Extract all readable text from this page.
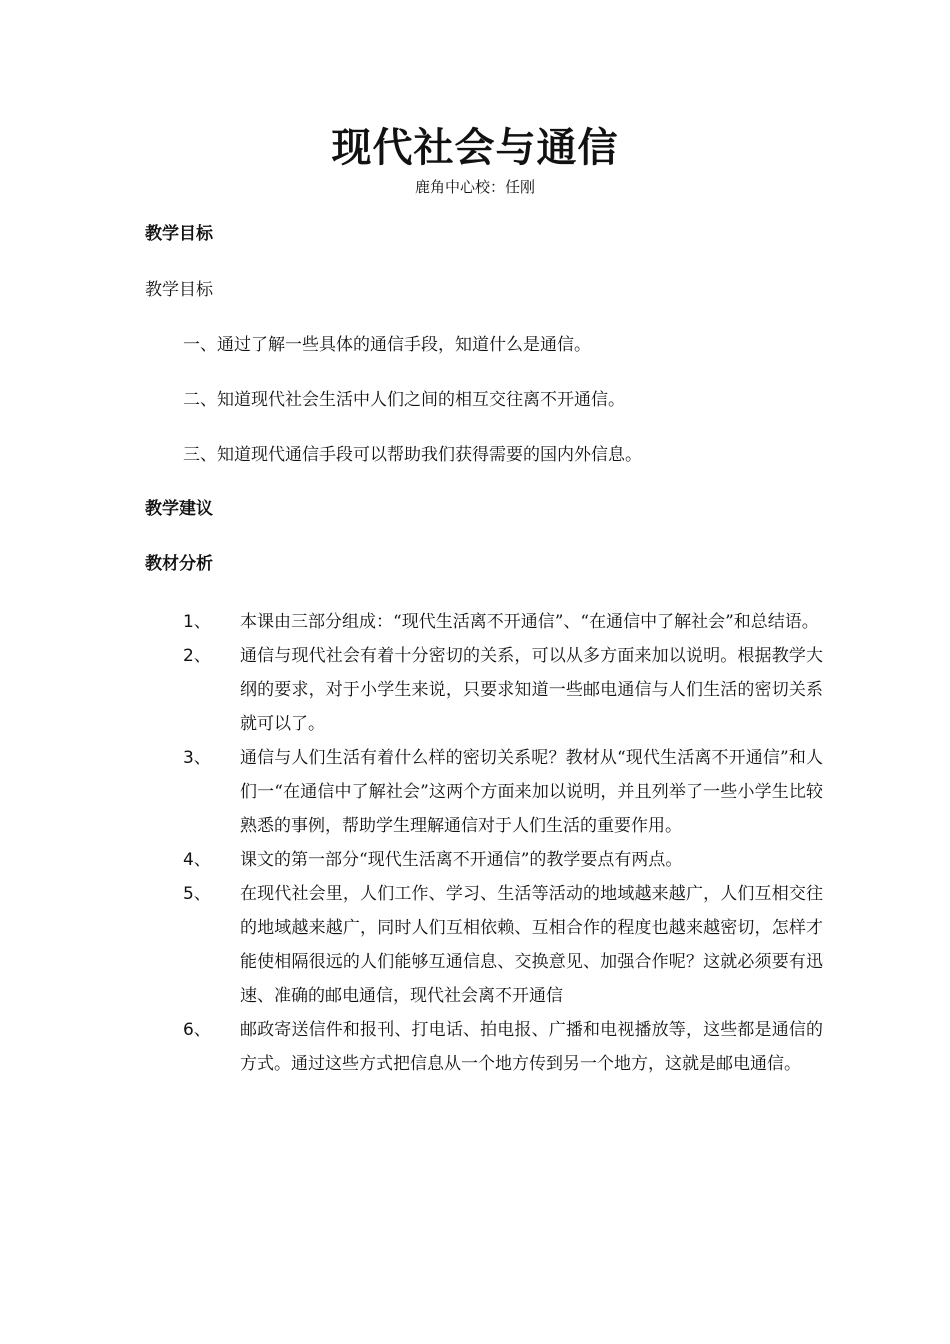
现代社会与通信
鹿角中心校：任刚
教学目标
教学目标
一、通过了解一些具体的通信手段，知道什么是通信。
二、知道现代社会生活中人们之间的相互交往离不开通信。
三、知道现代通信手段可以帮助我们获得需要的国内外信息。
教学建议
教材分析
1、	本课由三部分组成：“现代生活离不开通信”、“在通信中了解社会”和总结语。
2、	通信与现代社会有着十分密切的关系，可以从多方面来加以说明。根据教学大纲的要求，对于小学生来说，只要求知道一些邮电通信与人们生活的密切关系就可以了。
3、	通信与人们生活有着什么样的密切关系呢？教材从“现代生活离不开通信”和人们一“在通信中了解社会”这两个方面来加以说明，并且列举了一些小学生比较熟悉的事例，帮助学生理解通信对于人们生活的重要作用。
4、	课文的第一部分“现代生活离不开通信”的教学要点有两点。
5、	在现代社会里，人们工作、学习、生活等活动的地域越来越广，人们互相交往的地域越来越广，同时人们互相依赖、互相合作的程度也越来越密切，怎样才能使相隔很远的人们能够互通信息、交换意见、加强合作呢？这就必须要有迅速、准确的邮电通信，现代社会离不开通信
6、	邮政寄送信件和报刊、打电话、拍电报、广播和电视播放等，这些都是通信的方式。通过这些方式把信息从一个地方传到另一个地方，这就是邮电通信。
